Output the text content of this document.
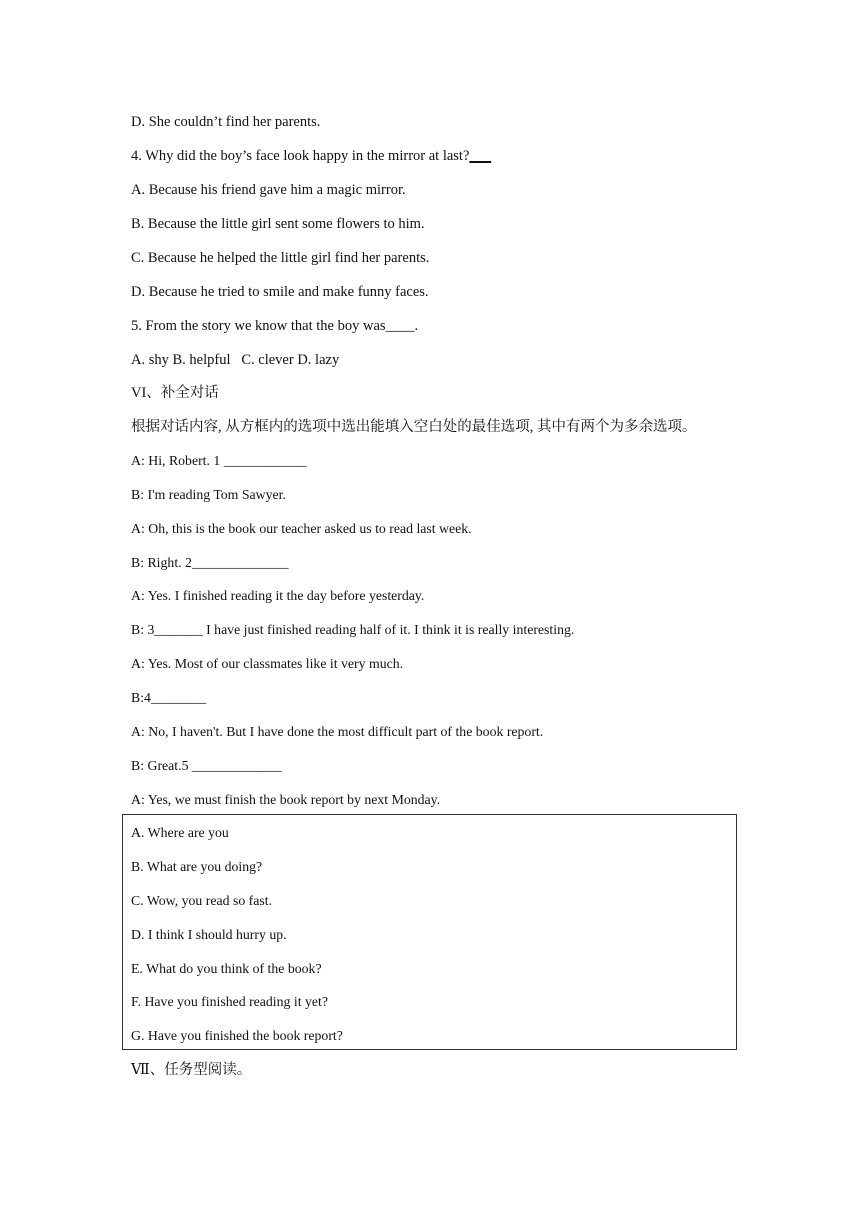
D. She couldn’t find her parents.
4. Why did the boy’s face look happy in the mirror at last?
A. Because his friend gave him a magic mirror.
B. Because the little girl sent some flowers to him.
C. Because he helped the little girl find her parents.
D. Because he tried to smile and make funny faces.
5. From the story we know that the boy was____.
A. shy B. helpful   C. clever D. lazy
VI、补全对话
根据对话内容, 从方框内的选项中选出能填入空白处的最佳选项, 其中有两个为多余选项。
A: Hi, Robert. 1 ____________
B: I'm reading Tom Sawyer.
A: Oh, this is the book our teacher asked us to read last week.
B: Right. 2______________
A: Yes. I finished reading it the day before yesterday.
B: 3_______ I have just finished reading half of it. I think it is really interesting.
A: Yes. Most of our classmates like it very much.
B:4________
A: No, I haven't. But I have done the most difficult part of the book report.
B: Great.5 _____________
A: Yes, we must finish the book report by next Monday.
A. Where are you
B. What are you doing?
C. Wow, you read so fast.
D. I think I should hurry up.
E. What do you think of the book?
F. Have you finished reading it yet?
G. Have you finished the book report?
Ⅶ、任务型阅读。
